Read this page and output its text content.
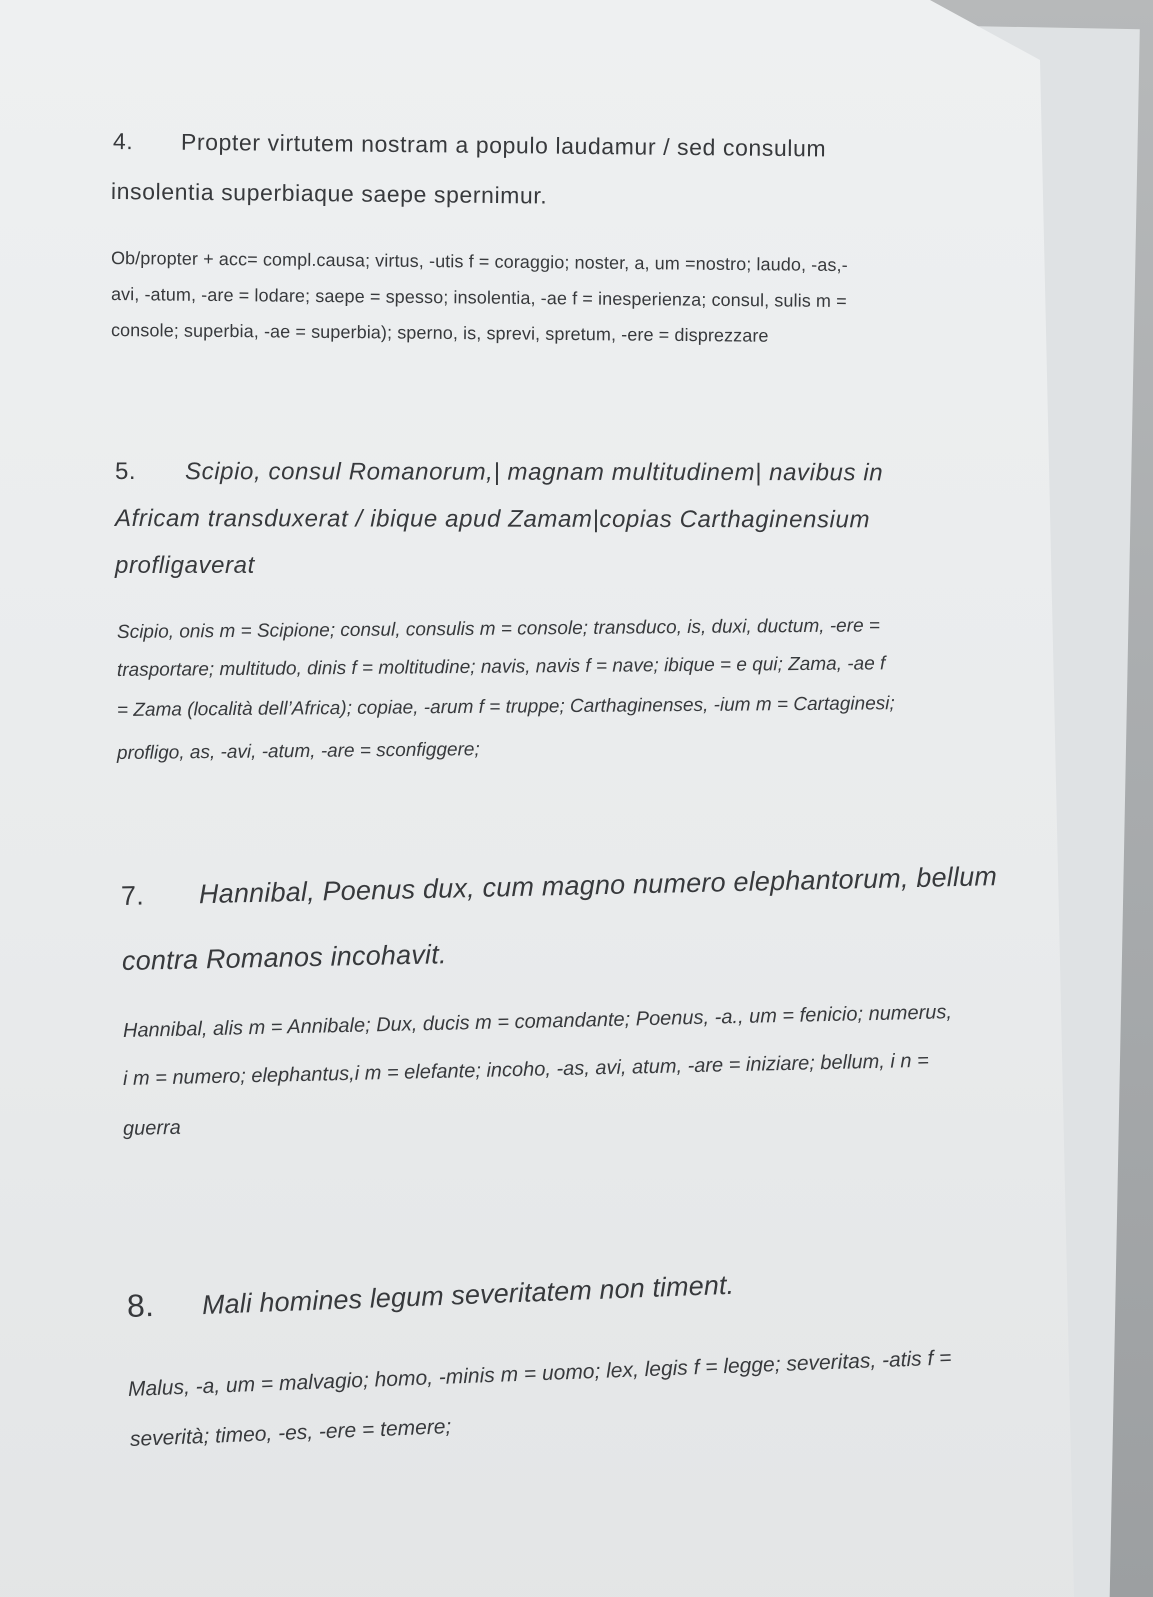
4. Propter virtutem nostram a populo laudamur / sed consulum
insolentia superbiaque saepe spernimur.
Ob/propter + acc= compl.causa; virtus, -utis f = coraggio; noster, a, um =nostro; laudo, -as,-
avi, -atum, -are = lodare; saepe = spesso; insolentia, -ae f = inesperienza; consul, sulis m =
console; superbia, -ae = superbia); sperno, is, sprevi, spretum, -ere = disprezzare
5. Scipio, consul Romanorum,| magnam multitudinem| navibus in
Africam transduxerat / ibique apud Zamam|copias Carthaginensium
profligaverat
Scipio, onis m = Scipione; consul, consulis m = console; transduco, is, duxi, ductum, -ere =
trasportare; multitudo, dinis f = moltitudine; navis, navis f = nave; ibique = e qui; Zama, -ae f
= Zama (località dell’Africa); copiae, -arum f = truppe; Carthaginenses, -ium m = Cartaginesi;
profligo, as, -avi, -atum, -are = sconfiggere;
7. Hannibal, Poenus dux, cum magno numero elephantorum, bellum
contra Romanos incohavit.
Hannibal, alis m = Annibale; Dux, ducis m = comandante; Poenus, -a., um = fenicio; numerus,
i m = numero; elephantus,i m = elefante; incoho, -as, avi, atum, -are = iniziare; bellum, i n =
guerra
8. Mali homines legum severitatem non timent.
Malus, -a, um = malvagio; homo, -minis m = uomo; lex, legis f = legge; severitas, -atis f =
severità; timeo, -es, -ere = temere;
